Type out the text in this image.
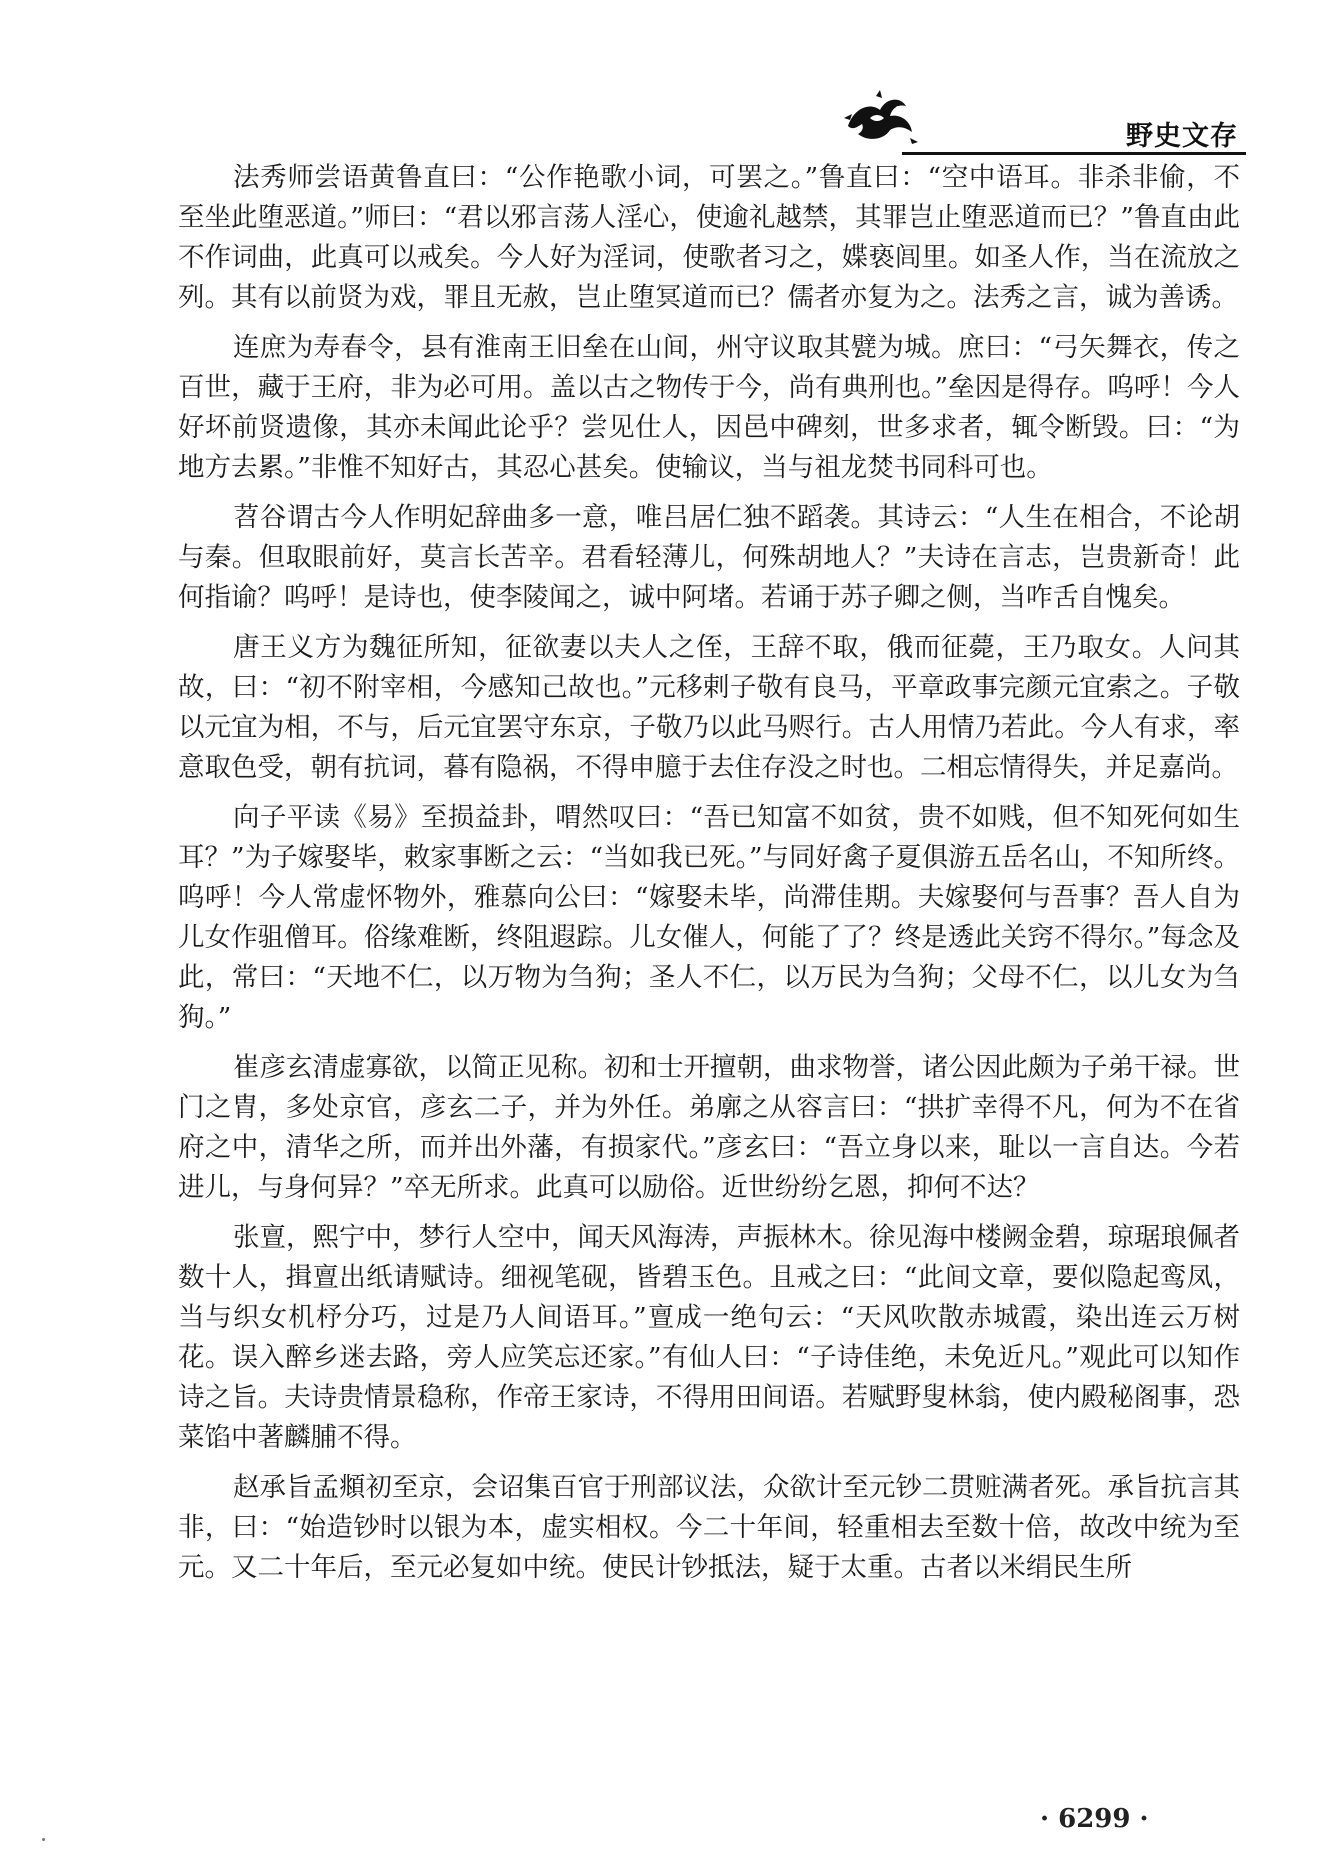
野史文存

法秀师尝语黄鲁直曰：“公作艳歌小词，可罢之。”鲁直曰：“空中语耳。非杀非偷，不至坐此堕恶道。”师曰：“君以邪言荡人淫心，使逾礼越禁，其罪岂止堕恶道而已？”鲁直由此不作词曲，此真可以戒矣。今人好为淫词，使歌者习之，媟亵闾里。如圣人作，当在流放之列。其有以前贤为戏，罪且无赦，岂止堕冥道而已？儒者亦复为之。法秀之言，诚为善诱。

连庶为寿春令，县有淮南王旧垒在山间，州守议取其甓为城。庶曰：“弓矢舞衣，传之百世，藏于王府，非为必可用。盖以古之物传于今，尚有典刑也。”垒因是得存。呜呼！今人好坏前贤遗像，其亦未闻此论乎？尝见仕人，因邑中碑刻，世多求者，辄令断毁。曰：“为地方去累。”非惟不知好古，其忍心甚矣。使输议，当与祖龙焚书同科可也。

苕谷谓古今人作明妃辞曲多一意，唯吕居仁独不蹈袭。其诗云：“人生在相合，不论胡与秦。但取眼前好，莫言长苦辛。君看轻薄儿，何殊胡地人？”夫诗在言志，岂贵新奇！此何指谕？呜呼！是诗也，使李陵闻之，诚中阿堵。若诵于苏子卿之侧，当咋舌自愧矣。

唐王义方为魏征所知，征欲妻以夫人之侄，王辞不取，俄而征薨，王乃取女。人问其故，曰：“初不附宰相，今感知己故也。”元移剌子敬有良马，平章政事完颜元宜索之。子敬以元宜为相，不与，后元宜罢守东京，子敬乃以此马赆行。古人用情乃若此。今人有求，率意取色受，朝有抗词，暮有隐祸，不得申臆于去住存没之时也。二相忘情得失，并足嘉尚。

向子平读《易》至损益卦，喟然叹曰：“吾已知富不如贫，贵不如贱，但不知死何如生耳？”为子嫁娶毕，敕家事断之云：“当如我已死。”与同好禽子夏俱游五岳名山，不知所终。呜呼！今人常虚怀物外，雅慕向公曰：“嫁娶未毕，尚滞佳期。夫嫁娶何与吾事？吾人自为儿女作驵僧耳。俗缘难断，终阻遐踪。儿女催人，何能了了？终是透此关窍不得尔。”每念及此，常曰：“天地不仁，以万物为刍狗；圣人不仁，以万民为刍狗；父母不仁，以儿女为刍狗。”

崔彦玄清虚寡欲，以简正见称。初和士开擅朝，曲求物誉，诸公因此颇为子弟干禄。世门之胄，多处京官，彦玄二子，并为外任。弟廓之从容言曰：“拱扩幸得不凡，何为不在省府之中，清华之所，而并出外藩，有损家代。”彦玄曰：“吾立身以来，耻以一言自达。今若进儿，与身何异？”卒无所求。此真可以励俗。近世纷纷乞恩，抑何不达？

张亶，熙宁中，梦行人空中，闻天风海涛，声振林木。徐见海中楼阙金碧，琼琚琅佩者数十人，揖亶出纸请赋诗。细视笔砚，皆碧玉色。且戒之曰：“此间文章，要似隐起鸾凤，当与织女机杼分巧，过是乃人间语耳。”亶成一绝句云：“天风吹散赤城霞，染出连云万树花。误入醉乡迷去路，旁人应笑忘还家。”有仙人曰：“子诗佳绝，未免近凡。”观此可以知作诗之旨。夫诗贵情景稳称，作帝王家诗，不得用田间语。若赋野叟林翁，使内殿秘阁事，恐菜馅中著麟脯不得。

赵承旨孟頫初至京，会诏集百官于刑部议法，众欲计至元钞二贯赃满者死。承旨抗言其非，曰：“始造钞时以银为本，虚实相权。今二十年间，轻重相去至数十倍，故改中统为至元。又二十年后，至元必复如中统。使民计钞抵法，疑于太重。古者以米绢民生所

· 6299 ·
